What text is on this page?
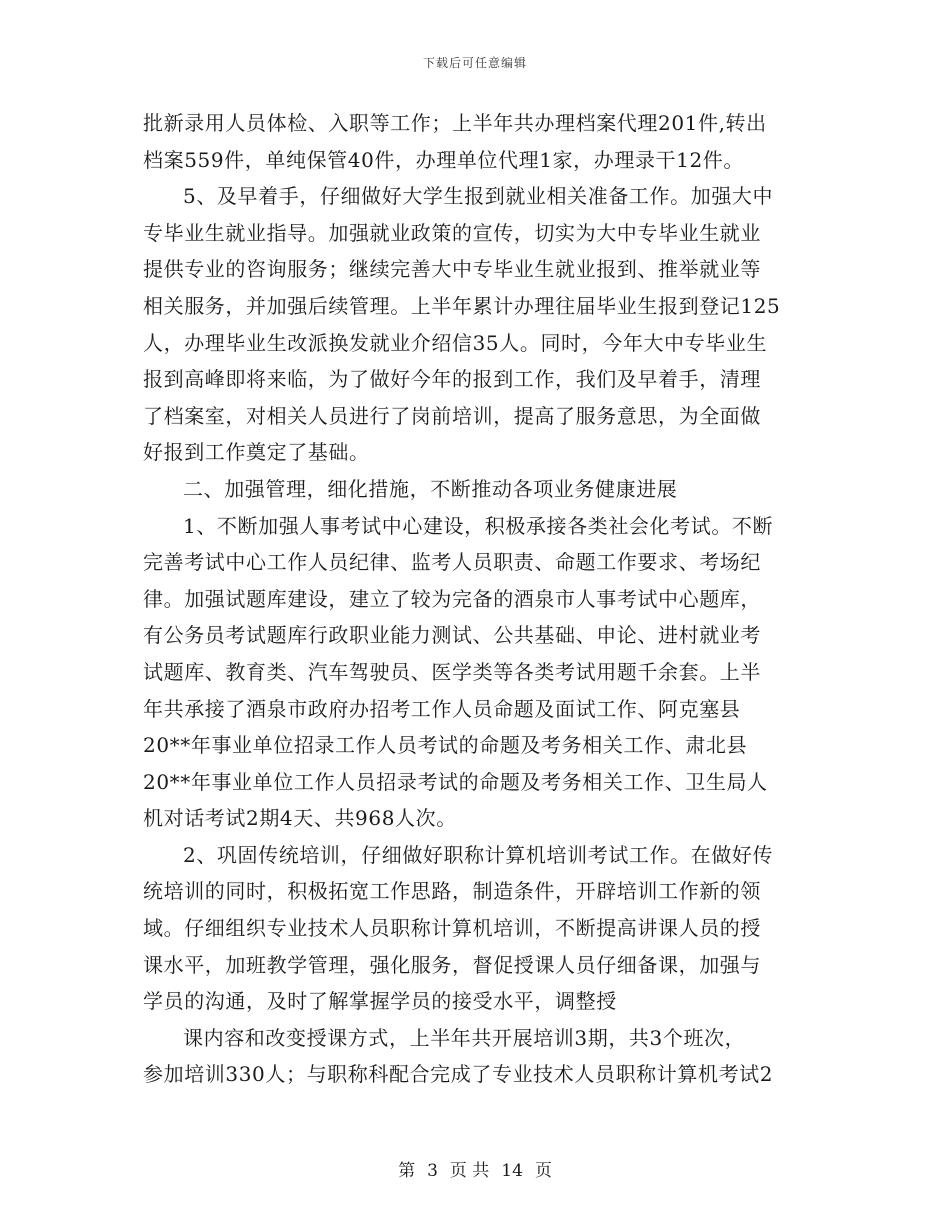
下载后可任意编辑
批新录用人员体检、入职等工作；上半年共办理档案代理201件,转出
档案559件，单纯保管40件，办理单位代理1家，办理录干12件。
5、及早着手，仔细做好大学生报到就业相关准备工作。加强大中
专毕业生就业指导。加强就业政策的宣传，切实为大中专毕业生就业
提供专业的咨询服务；继续完善大中专毕业生就业报到、推举就业等
相关服务，并加强后续管理。上半年累计办理往届毕业生报到登记125
人，办理毕业生改派换发就业介绍信35人。同时，今年大中专毕业生
报到高峰即将来临，为了做好今年的报到工作，我们及早着手，清理
了档案室，对相关人员进行了岗前培训，提高了服务意思，为全面做
好报到工作奠定了基础。
二、加强管理，细化措施，不断推动各项业务健康进展
1、不断加强人事考试中心建设，积极承接各类社会化考试。不断
完善考试中心工作人员纪律、监考人员职责、命题工作要求、考场纪
律。加强试题库建设，建立了较为完备的酒泉市人事考试中心题库，
有公务员考试题库行政职业能力测试、公共基础、申论、进村就业考
试题库、教育类、汽车驾驶员、医学类等各类考试用题千余套。上半
年共承接了酒泉市政府办招考工作人员命题及面试工作、阿克塞县
20**年事业单位招录工作人员考试的命题及考务相关工作、肃北县
20**年事业单位工作人员招录考试的命题及考务相关工作、卫生局人
机对话考试2期4天、共968人次。
2、巩固传统培训，仔细做好职称计算机培训考试工作。在做好传
统培训的同时，积极拓宽工作思路，制造条件，开辟培训工作新的领
域。仔细组织专业技术人员职称计算机培训，不断提高讲课人员的授
课水平，加班教学管理，强化服务，督促授课人员仔细备课，加强与
学员的沟通，及时了解掌握学员的接受水平，调整授
课内容和改变授课方式，上半年共开展培训3期，共3个班次，
参加培训330人；与职称科配合完成了专业技术人员职称计算机考试2
第 3 页 共 14 页
